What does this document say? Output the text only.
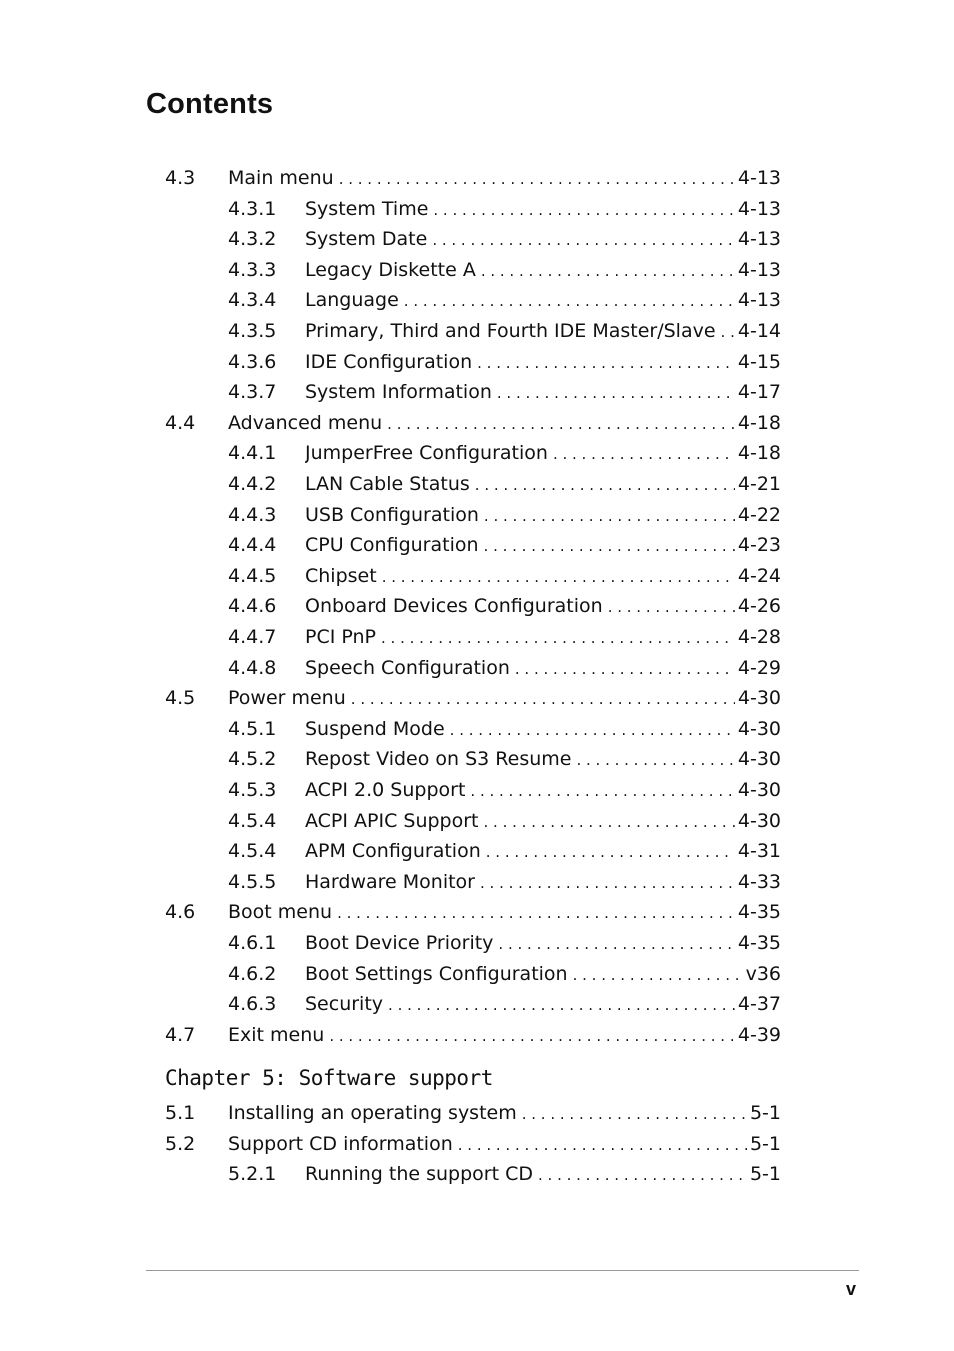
Contents
4.3 Main menu . . .	4-13
4.3.1 System Time . . .	4-13
4.3.2 System Date . . .	4-13
4.3.3 Legacy Diskette A . . .	4-13
4.3.4 Language . . .	4-13
4.3.5 Primary, Third and Fourth IDE Master/Slave . . . 4-14
4.3.6 IDE Configuration . . .	4-15
4.3.7 System Information . . .	4-17
4.4 Advanced menu . . .	4-18
4.4.1 JumperFree Configuration . . .	4-18
4.4.2 LAN Cable Status . . .	4-21
4.4.3 USB Configuration . . .	4-22
4.4.4 CPU Configuration . . .	4-23
4.4.5 Chipset . . .	4-24
4.4.6 Onboard Devices Configuration . . .	4-26
4.4.7 PCI PnP . . .	4-28
4.4.8 Speech Configuration . . .	4-29
4.5 Power menu . . .	4-30
4.5.1 Suspend Mode . . .	4-30
4.5.2 Repost Video on S3 Resume . . .	4-30
4.5.3 ACPI 2.0 Support . . .	4-30
4.5.4 ACPI APIC Support . . .	4-30
4.5.4 APM Configuration . . .	4-31
4.5.5 Hardware Monitor . . .	4-33
4.6 Boot menu . . .	4-35
4.6.1 Boot Device Priority . . .	4-35
4.6.2 Boot Settings Configuration . . .	v36
4.6.3 Security . . .	4-37
4.7 Exit menu . . .	4-39
Chapter 5: Software support
5.1 Installing an operating system . . .	5-1
5.2 Support CD information . . .	5-1
5.2.1 Running the support CD . . .	5-1
v
